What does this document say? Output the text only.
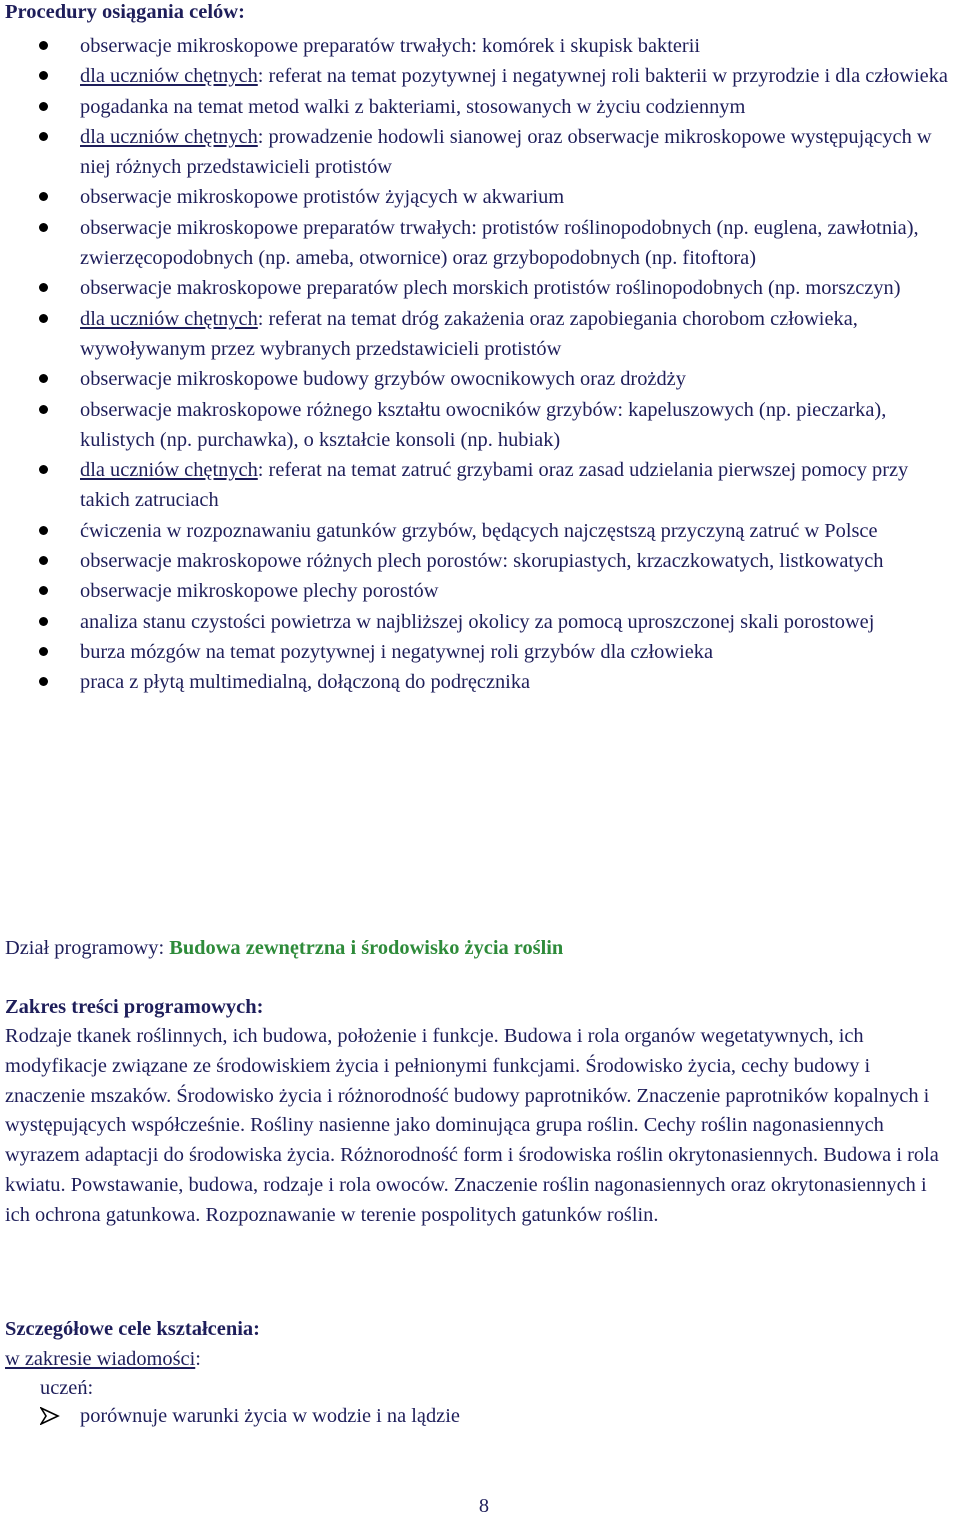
Procedury osiągania celów:
obserwacje mikroskopowe preparatów trwałych: komórek i skupisk bakterii
dla uczniów chętnych: referat na temat pozytywnej i negatywnej roli bakterii w przyrodzie i dla człowieka
pogadanka na temat metod walki z bakteriami, stosowanych w życiu codziennym
dla uczniów chętnych: prowadzenie hodowli sianowej oraz obserwacje mikroskopowe występujących w niej różnych przedstawicieli protistów
obserwacje mikroskopowe protistów żyjących w akwarium
obserwacje mikroskopowe preparatów trwałych: protistów roślinopodobnych (np. euglena, zawłotnia), zwierzęcopodobnych (np. ameba, otwornice) oraz grzybopodobnych (np. fitoftora)
obserwacje makroskopowe preparatów plech morskich protistów roślinopodobnych (np. morszczyn)
dla uczniów chętnych: referat na temat dróg zakażenia oraz zapobiegania chorobom człowieka, wywoływanym przez wybranych przedstawicieli protistów
obserwacje mikroskopowe budowy grzybów owocnikowych oraz drożdży
obserwacje makroskopowe różnego kształtu owocników grzybów: kapeluszowych (np. pieczarka), kulistych (np. purchawka), o kształcie konsoli (np. hubiak)
dla uczniów chętnych: referat na temat zatruć grzybami oraz zasad udzielania pierwszej pomocy przy takich zatruciach
ćwiczenia w rozpoznawaniu gatunków grzybów, będących najczęstszą przyczyną zatruć w Polsce
obserwacje makroskopowe różnych plech porostów: skorupiastych, krzaczkowatych, listkowatych
obserwacje mikroskopowe plechy porostów
analiza stanu czystości powietrza w najbliższej okolicy za pomocą uproszczonej skali porostowej
burza mózgów na temat pozytywnej i negatywnej roli grzybów dla człowieka
praca z płytą multimedialną, dołączoną do podręcznika
Dział programowy: Budowa zewnętrzna i środowisko życia roślin
Zakres treści programowych:

Rodzaje tkanek roślinnych, ich budowa, położenie i funkcje. Budowa i rola organów wegetatywnych, ich modyfikacje związane ze środowiskiem życia i pełnionymi funkcjami. Środowisko życia, cechy budowy i znaczenie mszaków. Środowisko życia i różnorodność budowy paprotników. Znaczenie paprotników kopalnych i występujących współcześnie. Rośliny nasienne jako dominująca grupa roślin. Cechy roślin nagonasiennych wyrazem adaptacji do środowiska życia. Różnorodność form i środowiska roślin okrytonasiennych. Budowa i rola kwiatu. Powstawanie, budowa, rodzaje i rola owoców. Znaczenie roślin nagonasiennych oraz okrytonasiennych i ich ochrona gatunkowa. Rozpoznawanie w terenie pospolitych gatunków roślin.

Szczegółowe cele kształcenia:
w zakresie wiadomości:
uczeń:
porównuje warunki życia w wodzie i na lądzie
8
